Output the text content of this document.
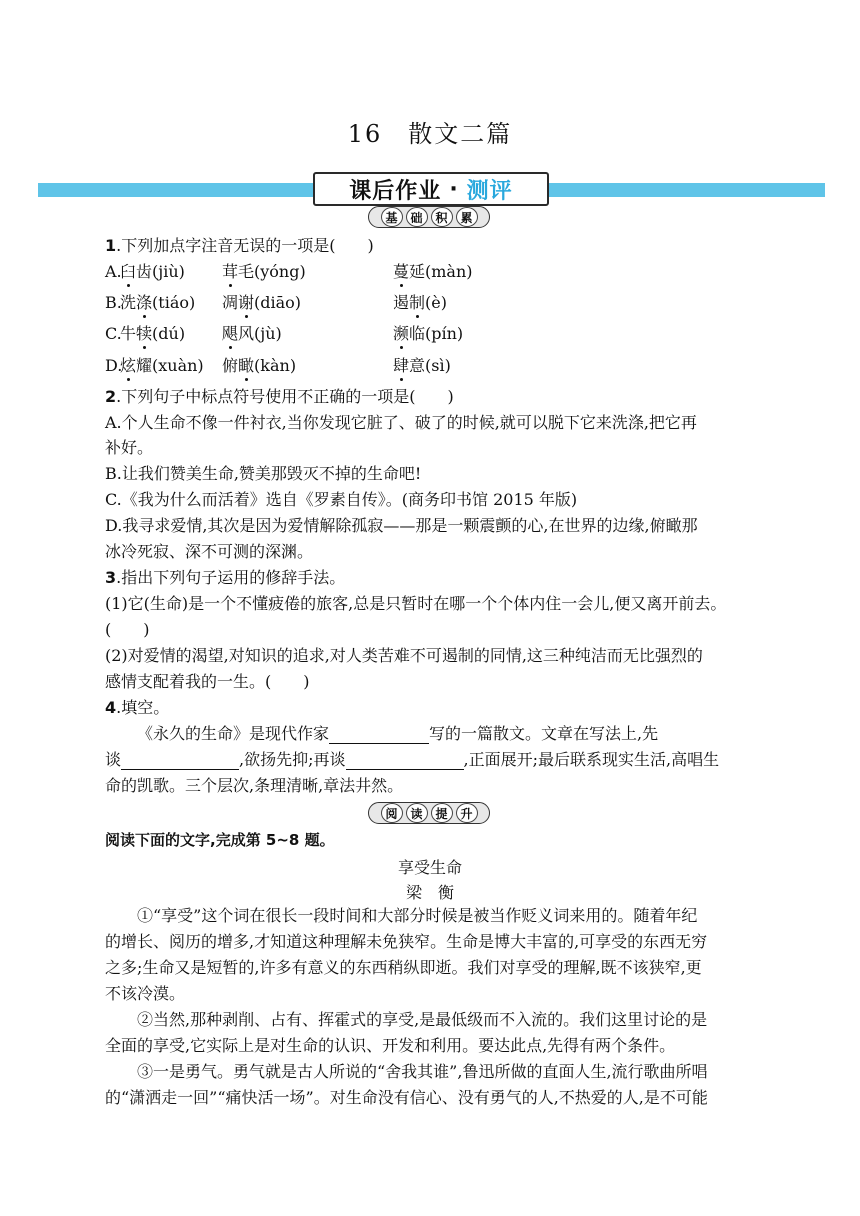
16　散文二篇
课后作业 · 测评
基	础	积	累
1.下列加点字注音无误的一项是(　　)
A.
臼齿(jiù) 茸毛(yóng)	蔓延(màn)
B.
洗涤(tiáo) 凋谢(diāo)	遏制(è)
C.
牛犊(dú) 飓风(jù)	濒临(pín)
D.
炫耀(xuàn) 俯瞰(kàn)	肆意(sì)
2.下列句子中标点符号使用不正确的一项是(　　)
A.个人生命不像一件衬衣,当你发现它脏了、破了的时候,就可以脱下它来洗涤,把它再
补好。
B.让我们赞美生命,赞美那毁灭不掉的生命吧!
C.《我为什么而活着》选自《罗素自传》。(商务印书馆 2015 年版)
D.我寻求爱情,其次是因为爱情解除孤寂——那是一颗震颤的心,在世界的边缘,俯瞰那
冰冷死寂、深不可测的深渊。
3.指出下列句子运用的修辞手法。
(1)它(生命)是一个不懂疲倦的旅客,总是只暂时在哪一个个体内住一会儿,便又离开前去。
(　　)
(2)对爱情的渴望,对知识的追求,对人类苦难不可遏制的同情,这三种纯洁而无比强烈的
感情支配着我的一生。(　　)
4.填空。
《永久的生命》是现代作家	写的一篇散文。文章在写法上,先
谈	,欲扬先抑;再谈	,正面展开;最后联系现实生活,高唱生
命的凯歌。三个层次,条理清晰,章法井然。
阅	读	提	升
阅读下面的文字,完成第 5~8 题。
享受生命
梁　衡
①“享受”这个词在很长一段时间和大部分时候是被当作贬义词来用的。随着年纪
的增长、阅历的增多,才知道这种理解未免狭窄。生命是博大丰富的,可享受的东西无穷
之多;生命又是短暂的,许多有意义的东西稍纵即逝。我们对享受的理解,既不该狭窄,更
不该冷漠。
②当然,那种剥削、占有、挥霍式的享受,是最低级而不入流的。我们这里讨论的是
全面的享受,它实际上是对生命的认识、开发和利用。要达此点,先得有两个条件。
③一是勇气。勇气就是古人所说的“舍我其谁”,鲁迅所做的直面人生,流行歌曲所唱
的“潇洒走一回”“痛快活一场”。对生命没有信心、没有勇气的人,不热爱的人,是不可能
